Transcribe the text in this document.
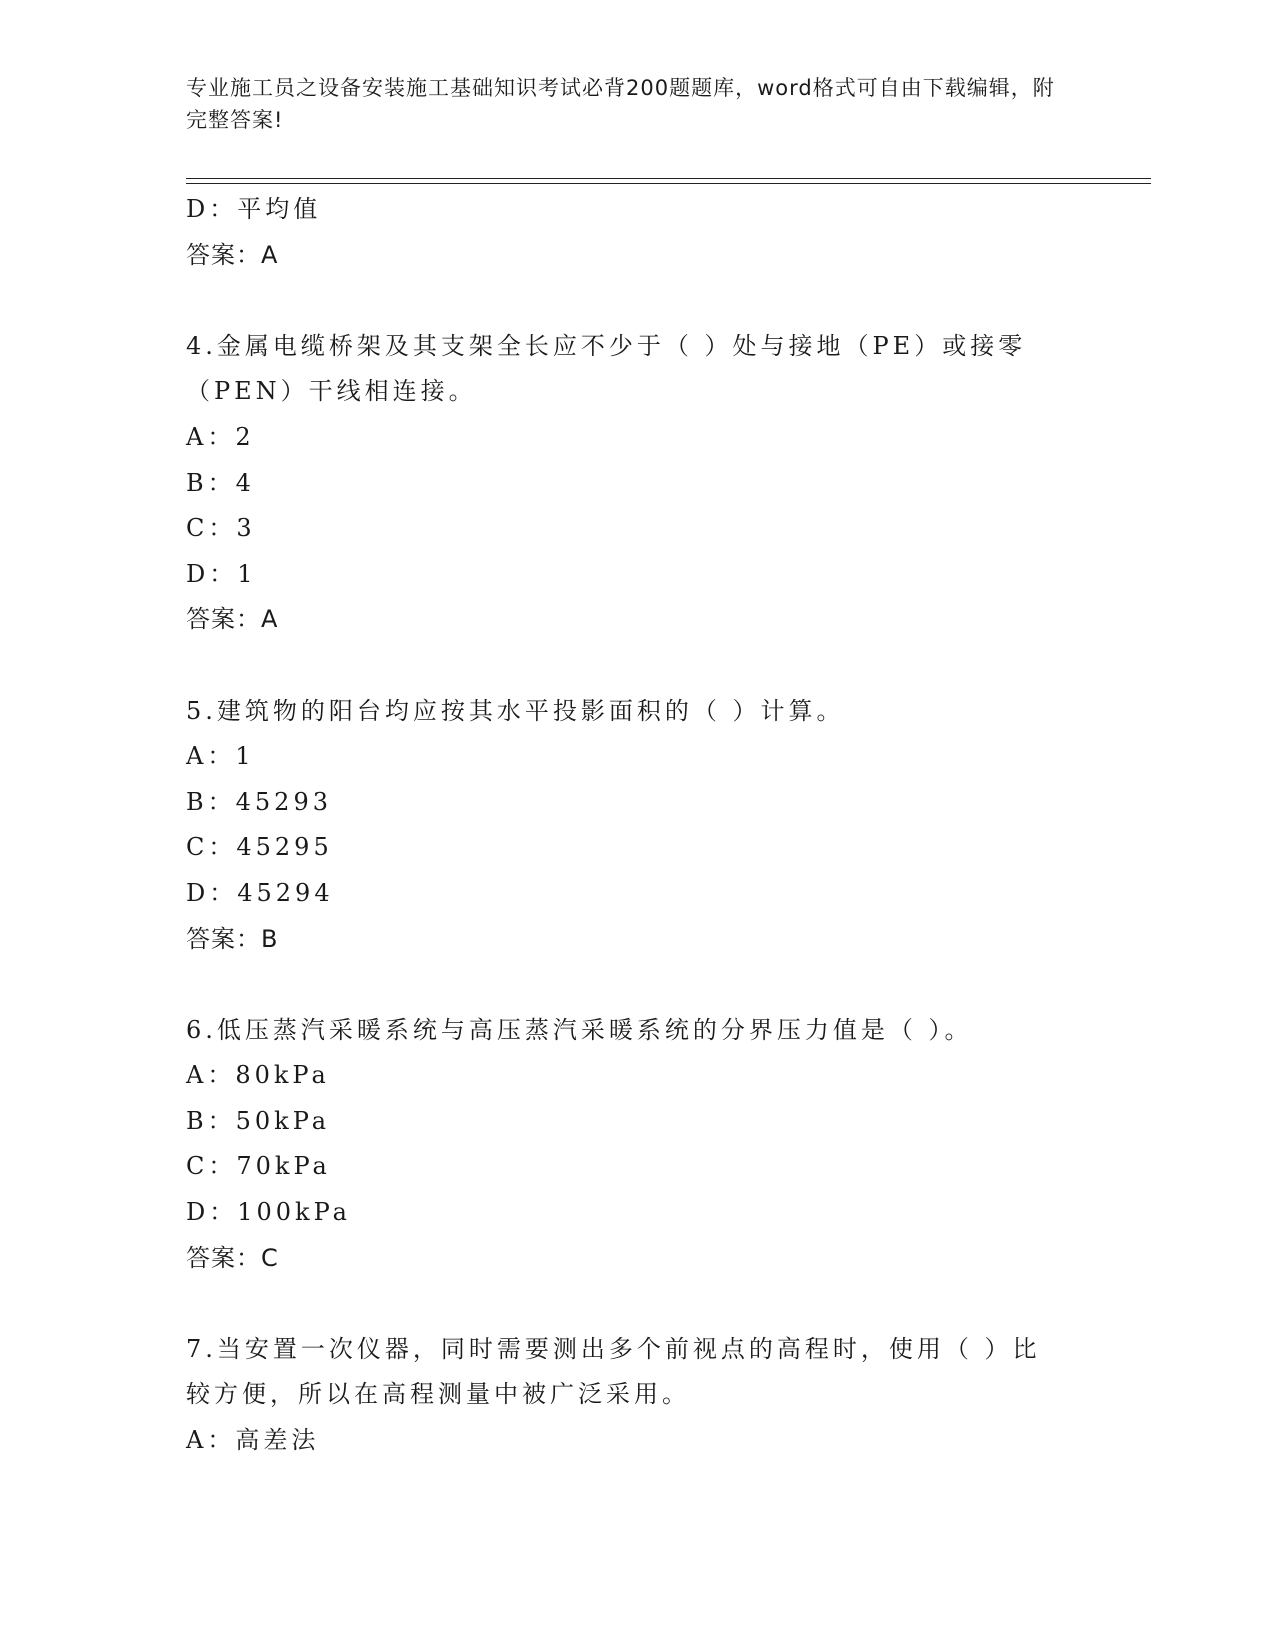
专业施工员之设备安装施工基础知识考试必背200题题库，word格式可自由下载编辑，附完整答案!
D：平均值
答案：A
4.金属电缆桥架及其支架全长应不少于（ ）处与接地（PE）或接零（PEN）干线相连接。
A：2
B：4
C：3
D：1
答案：A
5.建筑物的阳台均应按其水平投影面积的（ ）计算。
A：1
B：45293
C：45295
D：45294
答案：B
6.低压蒸汽采暖系统与高压蒸汽采暖系统的分界压力值是（ ）。
A：80kPa
B：50kPa
C：70kPa
D：100kPa
答案：C
7.当安置一次仪器，同时需要测出多个前视点的高程时，使用（ ）比较方便，所以在高程测量中被广泛采用。
A：高差法
